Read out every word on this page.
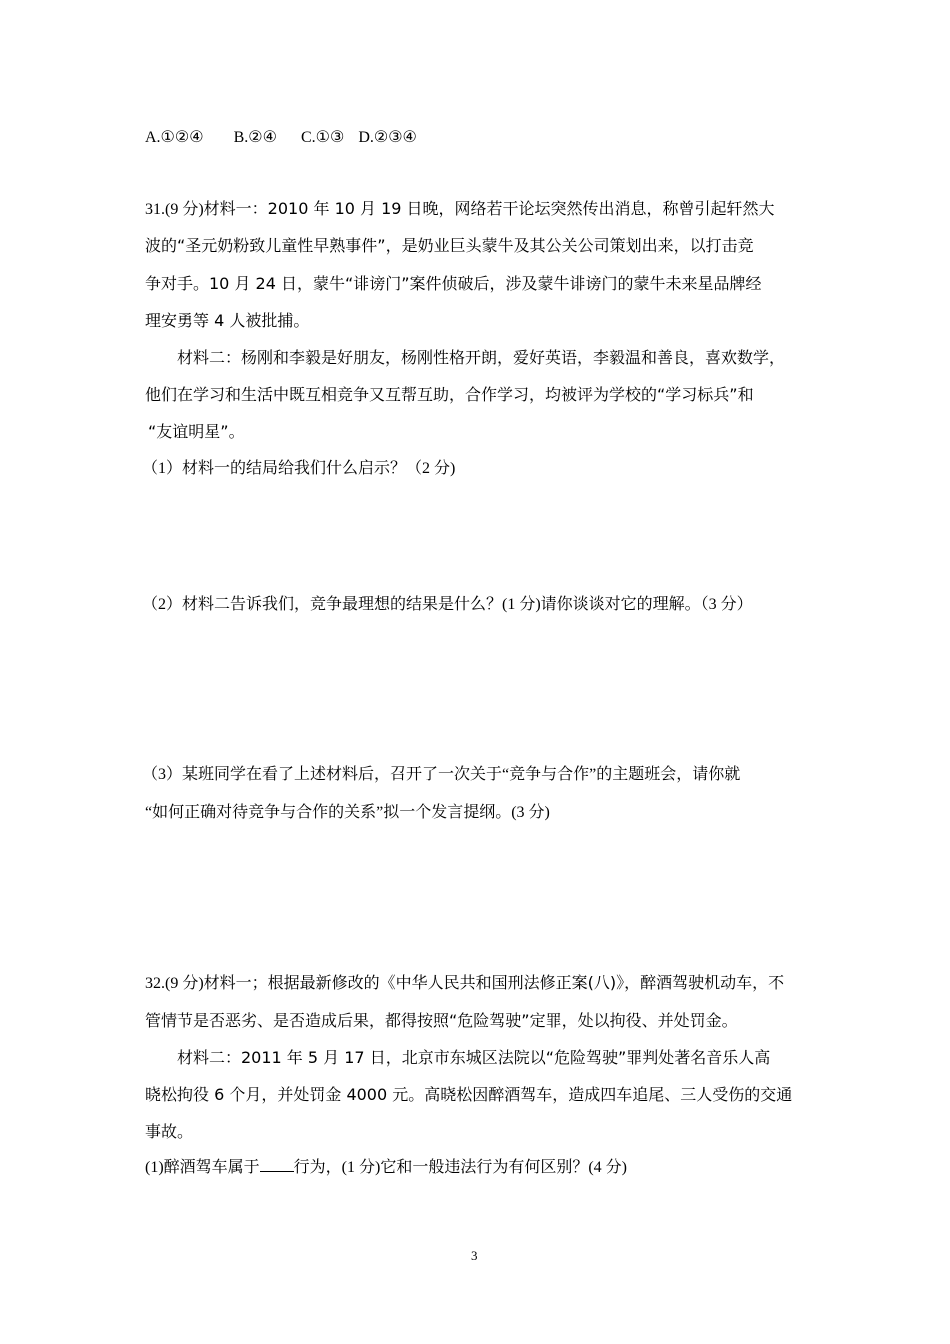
A.①②④ B.②④ C.①③ D.②③④
31.(9 分)材料一：2010 年 10 月 19 日晚，网络若干论坛突然传出消息，称曾引起轩然大
波的“圣元奶粉致儿童性早熟事件”，是奶业巨头蒙牛及其公关公司策划出来，以打击竞
争对手。10 月 24 日，蒙牛“诽谤门”案件侦破后，涉及蒙牛诽谤门的蒙牛未来星品牌经
理安勇等 4 人被批捕。
材料二：杨刚和李毅是好朋友，杨刚性格开朗，爱好英语，李毅温和善良，喜欢数学，
他们在学习和生活中既互相竞争又互帮互助，合作学习，均被评为学校的“学习标兵”和
“友谊明星”。
（1）材料一的结局给我们什么启示？（2 分)
（2）材料二告诉我们，竞争最理想的结果是什么？(1 分)请你谈谈对它的理解。（3 分）
（3）某班同学在看了上述材料后，召开了一次关于“竞争与合作”的主题班会，请你就
“如何正确对待竞争与合作的关系”拟一个发言提纲。(3 分)
32.(9 分)材料一；根据最新修改的《中华人民共和国刑法修正案(八)》，醉酒驾驶机动车，不
管情节是否恶劣、是否造成后果，都得按照“危险驾驶”定罪，处以拘役、并处罚金。
材料二：2011 年 5 月 17 日，北京市东城区法院以“危险驾驶”罪判处著名音乐人高
晓松拘役 6 个月，并处罚金 4000 元。高晓松因醉酒驾车，造成四车追尾、三人受伤的交通
事故。
(1)醉酒驾车属于 行为，(1 分)它和一般违法行为有何区别？(4 分)
3
